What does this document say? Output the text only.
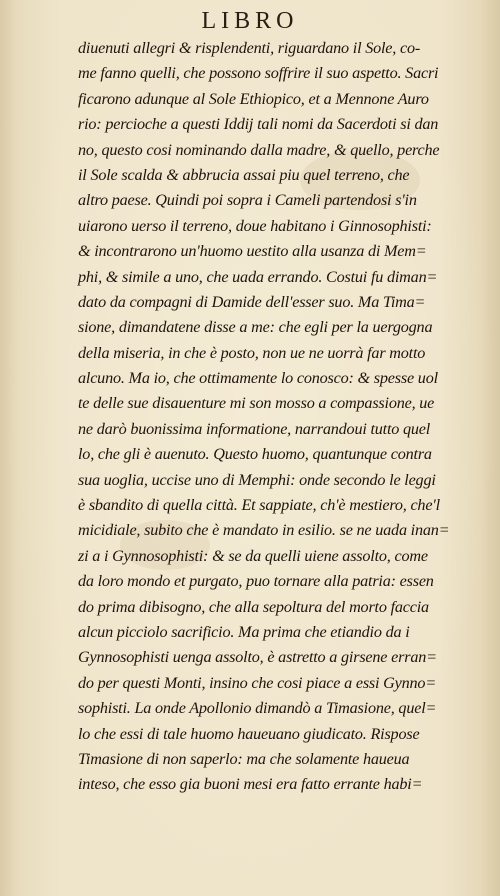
LIBRO
diuenuti allegri & risplendenti, riguardano il Sole, co-
me fanno quelli, che possono soffrire il suo aspetto. Sacri
ficarono adunque al Sole Ethiopico, et a Mennone Auro
rio: percioche a questi Iddij tali nomi da Sacerdoti si dan
no, questo cosi nominando dalla madre, & quello, perche
il Sole scalda & abbrucia assai piu quel terreno, che
altro paese. Quindi poi sopra i Cameli partendosi s'in
uiarono uerso il terreno, doue habitano i Ginnosophisti:
& incontrarono un'huomo uestito alla usanza di Mem=
phi, & simile a uno, che uada errando. Costui fu diman=
dato da compagni di Damide dell'esser suo. Ma Tima=
sione, dimandatene disse a me: che egli per la uergogna
della miseria, in che è posto, non ue ne uorrà far motto
alcuno. Ma io, che ottimamente lo conosco: & spesse uol
te delle sue disauenture mi son mosso a compassione, ue
ne darò buonissima informatione, narrandoui tutto quel
lo, che gli è auenuto. Questo huomo, quantunque contra
sua uoglia, uccise uno di Memphi: onde secondo le leggi
è sbandito di quella città. Et sappiate, ch'è mestiero, che'l
micidiale, subito che è mandato in esilio. se ne uada inan=
zi a i Gynnosophisti: & se da quelli uiene assolto, come
da loro mondo et purgato, puo tornare alla patria: essen
do prima dibisogno, che alla sepoltura del morto faccia
alcun picciolo sacrificio. Ma prima che etiandio da i
Gynnosophisti uenga assolto, è astretto a girsene erran=
do per questi Monti, insino che cosi piace a essi Gynno=
sophisti. La onde Apollonio dimandò a Timasione, quel=
lo che essi di tale huomo haueuano giudicato. Rispose
Timasione di non saperlo: ma che solamente haueua
inteso, che esso gia buoni mesi era fatto errante habi=
